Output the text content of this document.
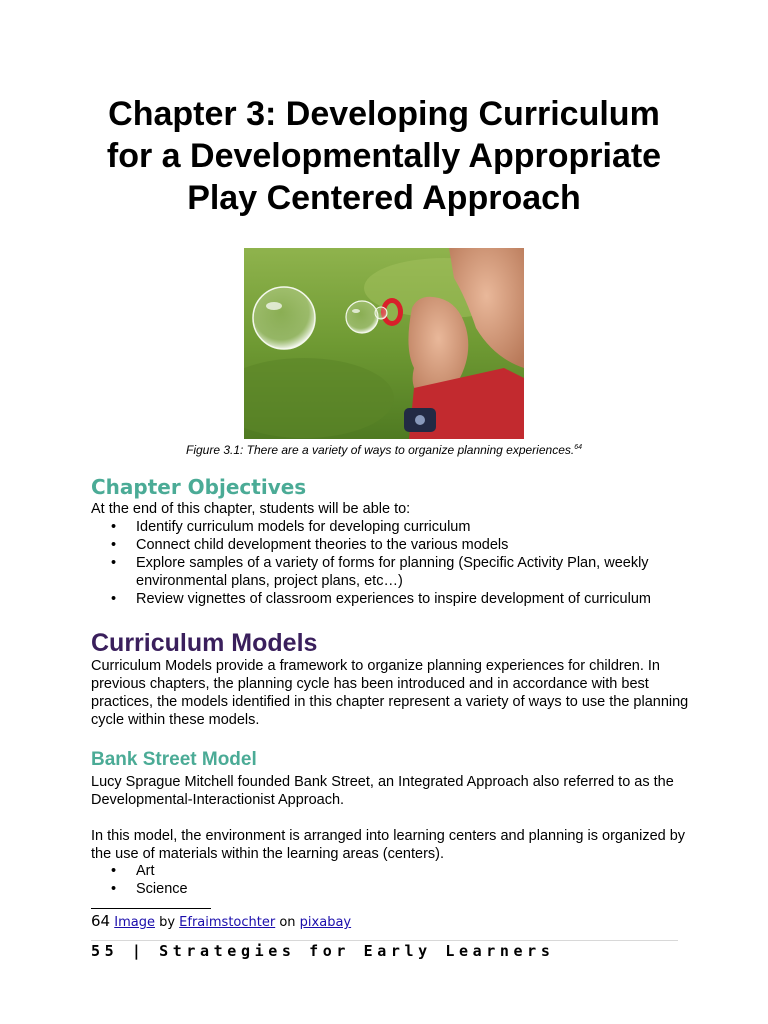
Chapter 3: Developing Curriculum
for a Developmentally Appropriate
Play Centered Approach
Figure 3.1: There are a variety of ways to organize planning experiences.$^{64}$
Chapter Objectives
At the end of this chapter, students will be able to:
• Identify curriculum models for developing curriculum
• Connect child development theories to the various models
• Explore samples of a variety of forms for planning (Specific Activity Plan, weekly environmental plans, project plans, etc…)
• Review vignettes of classroom experiences to inspire development of curriculum
Curriculum Models
Curriculum Models provide a framework to organize planning experiences for children. In previous chapters, the planning cycle has been introduced and in accordance with best practices, the models identified in this chapter represent a variety of ways to use the planning cycle within these models.
Bank Street Model
Lucy Sprague Mitchell founded Bank Street, an Integrated Approach also referred to as the Developmental-Interactionist Approach.
In this model, the environment is arranged into learning centers and planning is organized by the use of materials within the learning areas (centers).
• Art
• Science
64 Image by Efraimstochter on pixabay
55 | Strategies for Early Learners
